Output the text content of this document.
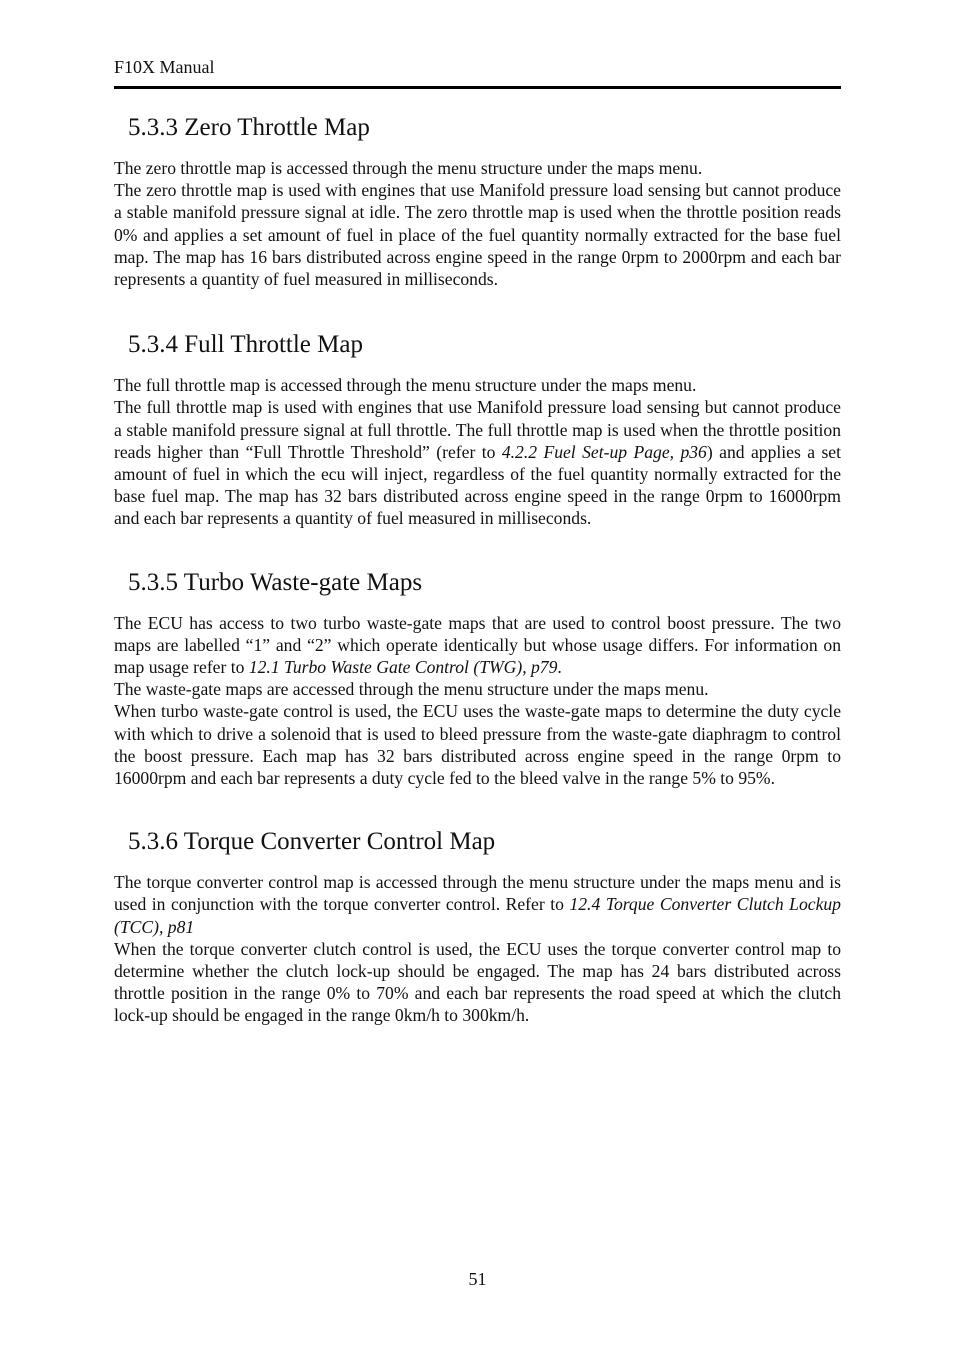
F10X Manual
5.3.3 Zero Throttle Map

The zero throttle map is accessed through the menu structure under the maps menu.

The zero throttle map is used with engines that use Manifold pressure load sensing but cannot produce a stable manifold pressure signal at idle. The zero throttle map is used when the throttle position reads 0% and applies a set amount of fuel in place of the fuel quantity normally extracted for the base fuel map. The map has 16 bars distributed across engine speed in the range 0rpm to 2000rpm and each bar represents a quantity of fuel measured in milliseconds.

5.3.4 Full Throttle Map

The full throttle map is accessed through the menu structure under the maps menu.

The full throttle map is used with engines that use Manifold pressure load sensing but cannot produce a stable manifold pressure signal at full throttle. The full throttle map is used when the throttle position reads higher than “Full Throttle Threshold” (refer to 4.2.2 Fuel Set-up Page, p36) and applies a set amount of fuel in which the ecu will inject, regardless of the fuel quantity normally extracted for the base fuel map. The map has 32 bars distributed across engine speed in the range 0rpm to 16000rpm and each bar represents a quantity of fuel measured in milliseconds.

5.3.5 Turbo Waste-gate Maps

The ECU has access to two turbo waste-gate maps that are used to control boost pressure. The two maps are labelled “1” and “2” which operate identically but whose usage differs. For information on map usage refer to 12.1 Turbo Waste Gate Control (TWG), p79.

The waste-gate maps are accessed through the menu structure under the maps menu.

When turbo waste-gate control is used, the ECU uses the waste-gate maps to determine the duty cycle with which to drive a solenoid that is used to bleed pressure from the waste-gate diaphragm to control the boost pressure. Each map has 32 bars distributed across engine speed in the range 0rpm to 16000rpm and each bar represents a duty cycle fed to the bleed valve in the range 5% to 95%.

5.3.6 Torque Converter Control Map

The torque converter control map is accessed through the menu structure under the maps menu and is used in conjunction with the torque converter control. Refer to 12.4 Torque Converter Clutch Lockup (TCC), p81

When the torque converter clutch control is used, the ECU uses the torque converter control map to determine whether the clutch lock-up should be engaged. The map has 24 bars distributed across throttle position in the range 0% to 70% and each bar represents the road speed at which the clutch lock-up should be engaged in the range 0km/h to 300km/h.

51
